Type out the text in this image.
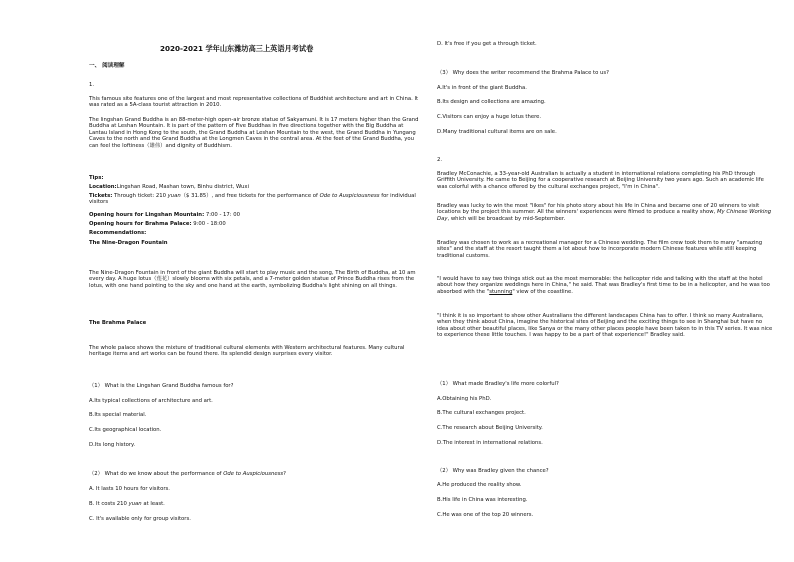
2020-2021 学年山东潍坊高三上英语月考试卷
一、 阅读理解
1.

This famous site features one of the largest and most representative collections of Buddhist architecture and art in China. It was rated as a 5A-class tourist attraction in 2010.

The lingshan Grand Buddha is an 88-meter-high open-air bronze statue of Sakyamuni. It is 17 meters higher than the Grand Buddha at Leshan Mountain. It is part of the pattern of Five Buddhas in five directions together with the Big Buddha at Lantau Island in Hong Kong to the south, the Grand Buddha at Leshan Mountain to the west, the Grand Buddha in Yungang Caves to the north and the Grand Buddha at the Longmen Caves in the central area. At the feet of the Grand Buddha, you can feel the loftiness（雄伟）and dignity of Buddhism.

Tips:
Location:Lingshan Road, Mashan town, Binhu district, Wuxi
Tickets: Through ticket: 210 yuan（$ 31.85）, and free tickets for the performance of Ode to Auspiciousness for individual visitors
Opening hours for Lingshan Mountain: 7:00 - 17: 00
Opening hours for Brahma Palace: 9:00 - 18:00
Recommendations:
The Nine-Dragon Fountain

The Nine-Dragon Fountain in front of the giant Buddha will start to play music and the song, The Birth of Buddha, at 10 am every day. A huge lotus（莲花）slowly blooms with six petals, and a 7-meter golden statue of Prince Buddha rises from the lotus, with one hand pointing to the sky and one hand at the earth, symbolizing Buddha's light shining on all things.

The Brahma Palace

The whole palace shows the mixture of traditional cultural elements with Western architectural features. Many cultural heritage items and art works can be found there. Its splendid design surprises every visitor.

（1） What is the Lingshan Grand Buddha famous for?
A.Its typical collections of architecture and art.
B.Its special material.
C.Its geographical location.
D.Its long history.
（2） What do we know about the performance of Ode to Auspiciousness?
A. It lasts 10 hours for visitors.
B. It costs 210 yuan at least.
C. It's available only for group visitors.
D. It's free if you get a through ticket.
（3） Why does the writer recommend the Brahma Palace to us?
A.It's in front of the giant Buddha.
B.Its design and collections are amazing.
C.Visitors can enjoy a huge lotus there.
D.Many traditional cultural items are on sale.
2.

Bradley McConachie, a 33-year-old Australian is actually a student in international relations completing his PhD through Griffith University. He came to Beijing for a cooperative research at Beijing University two years ago. Such an academic life was colorful with a chance offered by the cultural exchanges project, "I'm in China".

Bradley was lucky to win the most "likes" for his photo story about his life in China and became one of 20 winners to visit locations by the project this summer. All the winners' experiences were filmed to produce a reality show, My Chinese Working Day, which will be broadcast by mid-September.

Bradley was chosen to work as a recreational manager for a Chinese wedding. The film crew took them to many "amazing sites" and the staff at the resort taught them a lot about how to incorporate modern Chinese features while still keeping traditional customs.

"I would have to say two things stick out as the most memorable: the helicopter ride and talking with the staff at the hotel about how they organize weddings here in China," he said. That was Bradley's first time to be in a helicopter, and he was too absorbed with the "stunning" view of the coastline.

"I think it is so important to show other Australians the different landscapes China has to offer. I think so many Australians, when they think about China, imagine the historical sites of Beijing and the exciting things to see in Shanghai but have no idea about other beautiful places, like Sanya or the many other places people have been taken to in this TV series. It was nice to experience these little touches. I was happy to be a part of that experience!" Bradley said.

（1） What made Bradley's life more colorful?
A.Obtaining his PhD.
B.The cultural exchanges project.
C.The research about Beijing University.
D.The interest in international relations.
（2） Why was Bradley given the chance?
A.He produced the reality show.
B.His life in China was interesting.
C.He was one of the top 20 winners.
